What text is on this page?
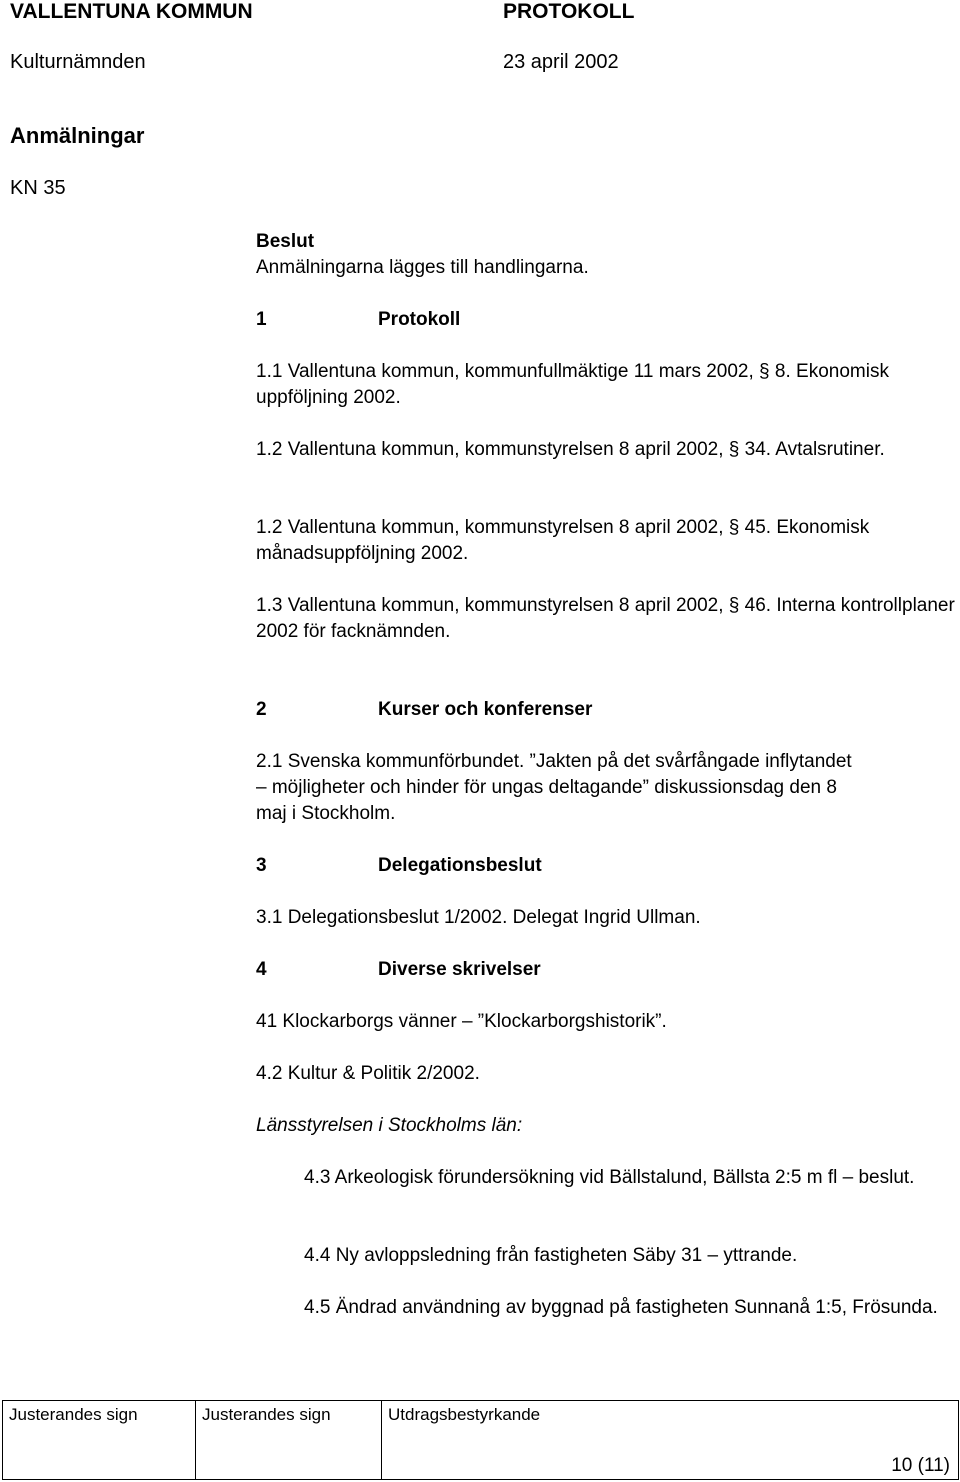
VALLENTUNA KOMMUN	PROTOKOLL
Kulturnämnden	23 april 2002
Anmälningar
KN 35
Beslut
Anmälningarna lägges till handlingarna.
1	Protokoll
1.1 Vallentuna kommun, kommunfullmäktige 11 mars 2002, § 8. Ekonomisk uppföljning 2002.
1.2 Vallentuna kommun, kommunstyrelsen 8 april 2002, § 34. Avtalsrutiner.
1.2 Vallentuna kommun, kommunstyrelsen 8 april 2002, § 45. Ekonomisk månadsuppföljning 2002.
1.3 Vallentuna kommun, kommunstyrelsen 8 april 2002, § 46. Interna kontrollplaner 2002 för facknämnden.
2	Kurser och konferenser
2.1 Svenska kommunförbundet. ”Jakten på det svårfångade inflytandet – möjligheter och hinder för ungas deltagande” diskussionsdag den 8 maj i Stockholm.
3	Delegationsbeslut
3.1 Delegationsbeslut 1/2002. Delegat Ingrid Ullman.
4	Diverse skrivelser
41 Klockarborgs vänner – ”Klockarborgshistorik”.
4.2 Kultur & Politik 2/2002.
Länsstyrelsen i Stockholms län:
4.3 Arkeologisk förundersökning vid Bällstalund, Bällsta 2:5 m fl – beslut.
4.4 Ny avloppsledning från fastigheten Säby 31 – yttrande.
4.5 Ändrad användning av byggnad på fastigheten Sunnanå 1:5, Frösunda.
Justerandes sign	Justerandes sign	Utdragsbestyrkande
10 (11)
